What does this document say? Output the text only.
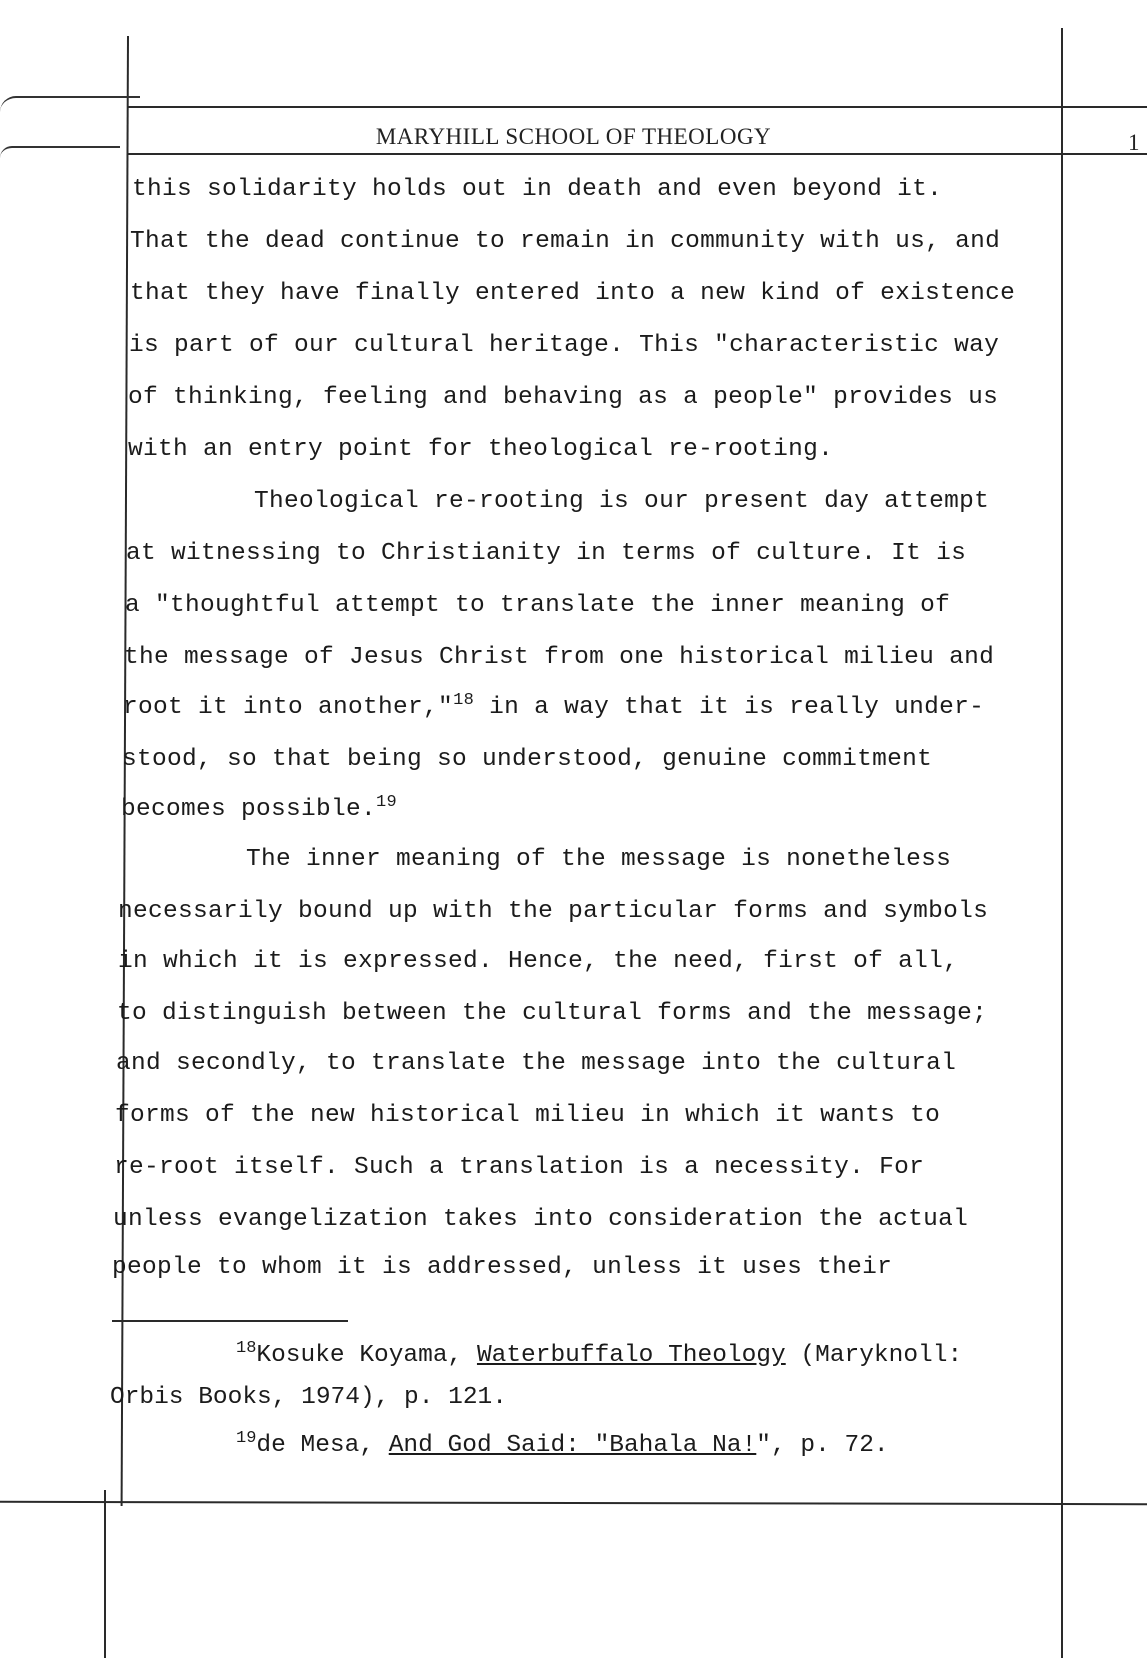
MARYHILL SCHOOL OF THEOLOGY	1
this solidarity holds out in death and even beyond it.
That the dead continue to remain in community with us, and
that they have finally entered into a new kind of existence
is part of our cultural heritage. This "characteristic way
of thinking, feeling and behaving as a people" provides us
with an entry point for theological re-rooting.
Theological re-rooting is our present day attempt
at witnessing to Christianity in terms of culture. It is
a "thoughtful attempt to translate the inner meaning of
the message of Jesus Christ from one historical milieu and
root it into another,"$^{18}$ in a way that it is really under-
stood, so that being so understood, genuine commitment
becomes possible.$^{19}$
The inner meaning of the message is nonetheless
necessarily bound up with the particular forms and symbols
in which it is expressed. Hence, the need, first of all,
to distinguish between the cultural forms and the message;
and secondly, to translate the message into the cultural
forms of the new historical milieu in which it wants to
re-root itself. Such a translation is a necessity. For
unless evangelization takes into consideration the actual
people to whom it is addressed, unless it uses their
$^{18}$Kosuke Koyama, Waterbuffalo Theology (Maryknoll:
Orbis Books, 1974), p. 121.
$^{19}$de Mesa, And God Said: "Bahala Na!", p. 72.
